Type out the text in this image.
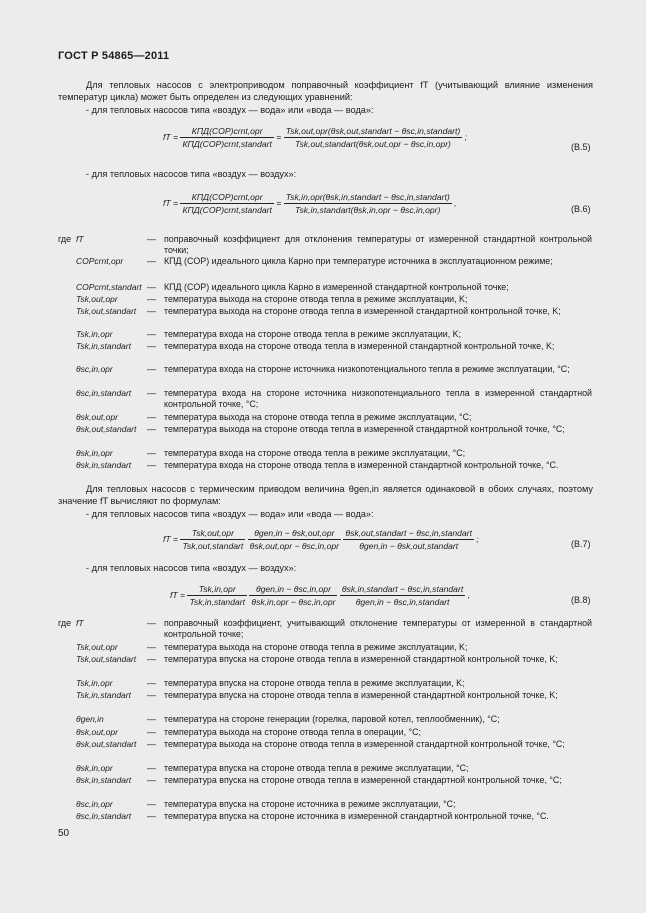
ГОСТ Р 54865—2011
Для тепловых насосов с электроприводом поправочный коэффициент fT (учитывающий влияние изменения температур цикла) может быть определен из следующих уравнений:
- для тепловых насосов типа «воздух — вода» или «вода — вода»:
fT = $\frac{\text{КПД(COP)crnt,opr}}{\text{КПД(COP)crnt,standart}} = \frac{\text{Tsk,out,opr(θsk,out,standart − θsc,in,standart)}}{\text{Tsk,out,standart(θsk,out,opr − θsc,in,opr)}}$ ;
(B.5)
- для тепловых насосов типа «воздух — воздух»:
fT = $\frac{\text{КПД(COP)crnt,opr}}{\text{КПД(COP)crnt,standart}} = \frac{\text{Tsk,in,opr(θsk,in,standart − θsc,in,standart)}}{\text{Tsk,in,standart(θsk,in,opr − θsc,in,opr)}}$ ,
(B.6)
где
Для тепловых насосов с термическим приводом величина θgen,in является одинаковой в обоих случаях, поэтому значение fT вычисляют по формулам:
- для тепловых насосов типа «воздух — вода» или «вода — вода»:
fT = $\frac{\text{Tsk,out,opr}}{\text{Tsk,out,standart}}$
$\frac{\text{θgen,in − θsk,out,opr}}{\text{θsk,out,opr − θsc,in,opr}}$
$\frac{\text{θsk,out,standart − θsc,in,standart}}{\text{θgen,in − θsk,out,standart}}$ ;
(B.7)
- для тепловых насосов типа «воздух — воздух»:
fT = $\frac{\text{Tsk,in,opr}}{\text{Tsk,in,standart}}$
$\frac{\text{θgen,in − θsc,in,opr}}{\text{θsk,in,opr − θsc,in,opr}}$
$\frac{\text{θsk,in,standart − θsc,in,standart}}{\text{θgen,in − θsc,in,standart}}$ ,
(B.8)
где
50
fT	— поправочный коэффициент для отклонения температуры от измеренной стандартной контрольной точки;
COPcrnt,opr	— КПД (COP) идеального цикла Карно при температуре источника в эксплуатационном режиме;
COPcrnt,standart — КПД (COP) идеального цикла Карно в измеренной стандартной контрольной точке;
Tsk,out,opr	— температура выхода на стороне отвода тепла в режиме эксплуатации, K;
Tsk,out,standart — температура выхода на стороне отвода тепла в измеренной стандартной контрольной точке, K;
Tsk,in,opr	— температура входа на стороне отвода тепла в режиме эксплуатации, K;
Tsk,in,standart — температура входа на стороне отвода тепла в измеренной стандартной контрольной точке, K;
θsc,in,opr	— температура входа на стороне источника низкопотенциального тепла в режиме эксплуатации, °С;
θsc,in,standart — температура входа на стороне источника низкопотенциального тепла в измеренной стандартной контрольной точке, °С;
θsk,out,opr	— температура выхода на стороне отвода тепла в режиме эксплуатации, °С;
θsk,out,standart — температура выхода на стороне отвода тепла в измеренной стандартной контрольной точке, °С;
θsk,in,opr	— температура входа на стороне отвода тепла в режиме эксплуатации, °С;
θsk,in,standart — температура входа на стороне отвода тепла в измеренной стандартной контрольной точке, °С.
fT	— поправочный коэффициент, учитывающий отклонение температуры от измеренной в стандартной контрольной точке;
Tsk,out,opr	— температура выхода на стороне отвода тепла в режиме эксплуатации, K;
Tsk,out,standart — температура впуска на стороне отвода тепла в измеренной стандартной контрольной точке, K;
Tsk,in,opr	— температура впуска на стороне отвода тепла в режиме эксплуатации, K;
Tsk,in,standart — температура впуска на стороне отвода тепла в измеренной стандартной контрольной точке, K;
θgen,in	— температура на стороне генерации (горелка, паровой котел, теплообменник), °С;
θsk,out,opr	— температура выхода на стороне отвода тепла в операции, °С;
θsk,out,standart — температура выхода на стороне отвода тепла в измеренной стандартной контрольной точке, °С;
θsk,in,opr	— температура впуска на стороне отвода тепла в режиме эксплуатации, °С;
θsk,in,standart — температура впуска на стороне отвода тепла в измеренной стандартной контрольной точке, °С;
θsc,in,opr	— температура впуска на стороне источника в режиме эксплуатации, °С;
θsc,in,standart — температура впуска на стороне источника в измеренной стандартной контрольной точке, °С.
